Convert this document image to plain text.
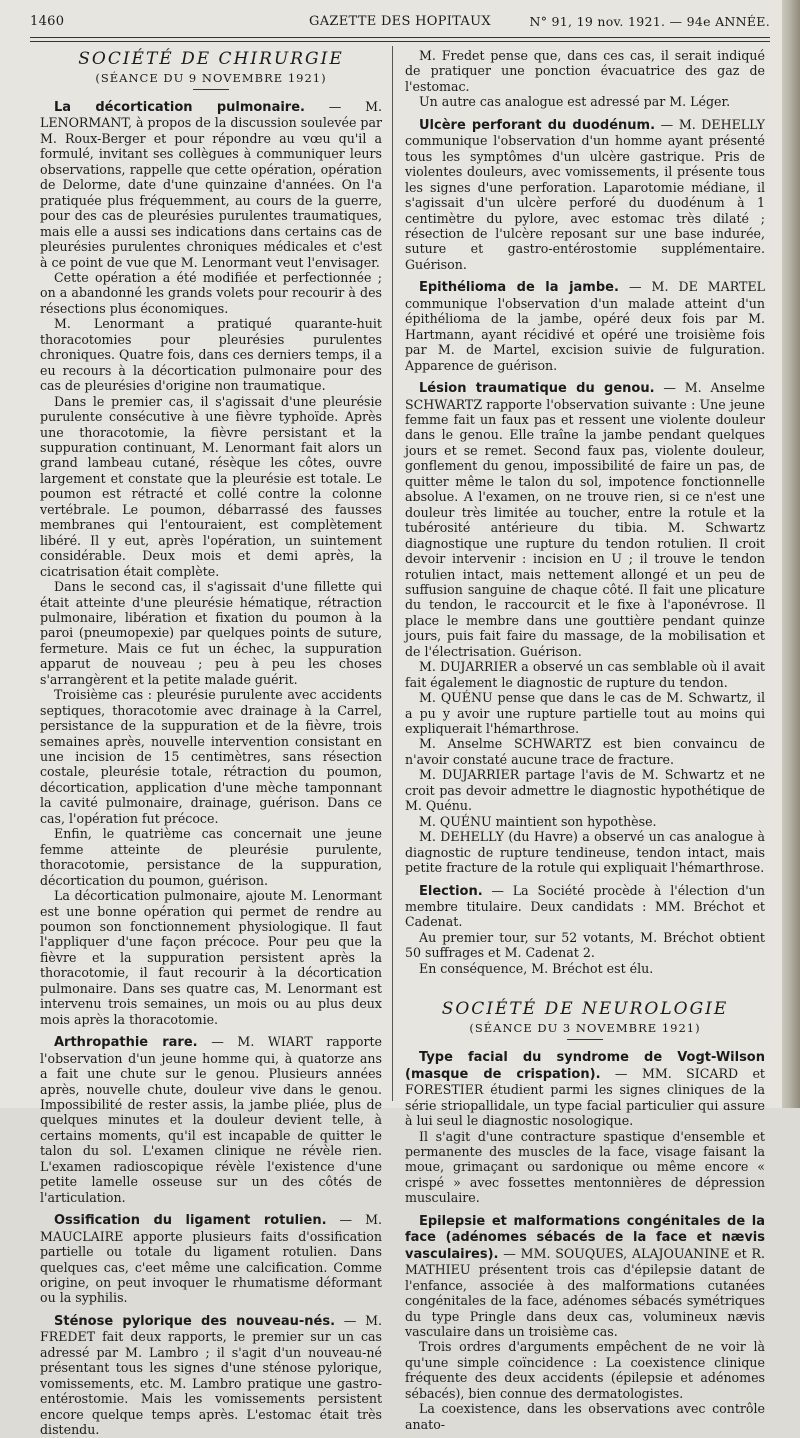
1460	GAZETTE DES HOPITAUX	N° 91, 19 nov. 1921. — 94e ANNÉE.
SOCIÉTÉ DE CHIRURGIE
(SÉANCE DU 9 NOVEMBRE 1921)

La décortication pulmonaire. — M. LENORMANT, à propos de la discussion soulevée par M. Roux-Berger et pour répondre au vœu qu'il a formulé, invitant ses collègues à communiquer leurs observations, rappelle que cette opération, opération de Delorme, date d'une quinzaine d'années. On l'a pratiquée plus fréquemment, au cours de la guerre, pour des cas de pleurésies purulentes traumatiques, mais elle a aussi ses indications dans certains cas de pleurésies purulentes chroniques médicales et c'est à ce point de vue que M. Lenormant veut l'envisager.

Cette opération a été modifiée et perfectionnée ; on a abandonné les grands volets pour recourir à des résections plus économiques.

M. Lenormant a pratiqué quarante-huit thoracotomies pour pleurésies purulentes chroniques. Quatre fois, dans ces derniers temps, il a eu recours à la décortication pulmonaire pour des cas de pleurésies d'origine non traumatique.

Dans le premier cas, il s'agissait d'une pleurésie purulente consécutive à une fièvre typhoïde. Après une thoracotomie, la fièvre persistant et la suppuration continuant, M. Lenormant fait alors un grand lambeau cutané, résèque les côtes, ouvre largement et constate que la pleurésie est totale. Le poumon est rétracté et collé contre la colonne vertébrale. Le poumon, débarrassé des fausses membranes qui l'entouraient, est complètement libéré. Il y eut, après l'opération, un suintement considérable. Deux mois et demi après, la cicatrisation était complète.

Dans le second cas, il s'agissait d'une fillette qui était atteinte d'une pleurésie hématique, rétraction pulmonaire, libération et fixation du poumon à la paroi (pneumopexie) par quelques points de suture, fermeture. Mais ce fut un échec, la suppuration apparut de nouveau ; peu à peu les choses s'arrangèrent et la petite malade guérit.

Troisième cas : pleurésie purulente avec accidents septiques, thoracotomie avec drainage à la Carrel, persistance de la suppuration et de la fièvre, trois semaines après, nouvelle intervention consistant en une incision de 15 centimètres, sans résection costale, pleurésie totale, rétraction du poumon, décortication, application d'une mèche tamponnant la cavité pulmonaire, drainage, guérison. Dans ce cas, l'opération fut précoce.

Enfin, le quatrième cas concernait une jeune femme atteinte de pleurésie purulente, thoracotomie, persistance de la suppuration, décortication du poumon, guérison.

La décortication pulmonaire, ajoute M. Lenormant est une bonne opération qui permet de rendre au poumon son fonctionnement physiologique. Il faut l'appliquer d'une façon précoce. Pour peu que la fièvre et la suppuration persistent après la thoracotomie, il faut recourir à la décortication pulmonaire. Dans ses quatre cas, M. Lenormant est intervenu trois semaines, un mois ou au plus deux mois après la thoracotomie.

Arthropathie rare. — M. WIART rapporte l'observation d'un jeune homme qui, à quatorze ans a fait une chute sur le genou. Plusieurs années après, nouvelle chute, douleur vive dans le genou. Impossibilité de rester assis, la jambe pliée, plus de quelques minutes et la douleur devient telle, à certains moments, qu'il est incapable de quitter le talon du sol. L'examen clinique ne révèle rien. L'examen radioscopique révèle l'existence d'une petite lamelle osseuse sur un des côtés de l'articulation.

Ossification du ligament rotulien. — M. MAUCLAIRE apporte plusieurs faits d'ossification partielle ou totale du ligament rotulien. Dans quelques cas, c'eet même une calcification. Comme origine, on peut invoquer le rhumatisme déformant ou la syphilis.

Sténose pylorique des nouveau-nés. — M. FREDET fait deux rapports, le premier sur un cas adressé par M. Lambro ; il s'agit d'un nouveau-né présentant tous les signes d'une sténose pylorique, vomissements, etc. M. Lambro pratique une gastro-entérostomie. Mais les vomissements persistent encore quelque temps après. L'estomac était très distendu.

M. Fredet pense que, dans ces cas, il serait indiqué de pratiquer une ponction évacuatrice des gaz de l'estomac.

Un autre cas analogue est adressé par M. Léger.

Ulcère perforant du duodénum. — M. DEHELLY communique l'observation d'un homme ayant présenté tous les symptômes d'un ulcère gastrique. Pris de violentes douleurs, avec vomissements, il présente tous les signes d'une perforation. Laparotomie médiane, il s'agissait d'un ulcère perforé du duodénum à 1 centimètre du pylore, avec estomac très dilaté ; résection de l'ulcère reposant sur une base indurée, suture et gastro-entérostomie supplémentaire. Guérison.

Epithélioma de la jambe. — M. DE MARTEL communique l'observation d'un malade atteint d'un épithélioma de la jambe, opéré deux fois par M. Hartmann, ayant récidivé et opéré une troisième fois par M. de Martel, excision suivie de fulguration. Apparence de guérison.

Lésion traumatique du genou. — M. Anselme SCHWARTZ rapporte l'observation suivante : Une jeune femme fait un faux pas et ressent une violente douleur dans le genou. Elle traîne la jambe pendant quelques jours et se remet. Second faux pas, violente douleur, gonflement du genou, impossibilité de faire un pas, de quitter même le talon du sol, impotence fonctionnelle absolue. A l'examen, on ne trouve rien, si ce n'est une douleur très limitée au toucher, entre la rotule et la tubérosité antérieure du tibia. M. Schwartz diagnostique une rupture du tendon rotulien. Il croit devoir intervenir : incision en U ; il trouve le tendon rotulien intact, mais nettement allongé et un peu de suffusion sanguine de chaque côté. Il fait une plicature du tendon, le raccourcit et le fixe à l'aponévrose. Il place le membre dans une gouttière pendant quinze jours, puis fait faire du massage, de la mobilisation et de l'électrisation. Guérison.

M. DUJARRIER a observé un cas semblable où il avait fait également le diagnostic de rupture du tendon.

M. QUÉNU pense que dans le cas de M. Schwartz, il a pu y avoir une rupture partielle tout au moins qui expliquerait l'hémarthrose.

M. Anselme SCHWARTZ est bien convaincu de n'avoir constaté aucune trace de fracture.

M. DUJARRIER partage l'avis de M. Schwartz et ne croit pas devoir admettre le diagnostic hypothétique de M. Quénu.

M. QUÉNU maintient son hypothèse.

M. DEHELLY (du Havre) a observé un cas analogue à diagnostic de rupture tendineuse, tendon intact, mais petite fracture de la rotule qui expliquait l'hémarthrose.

Election. — La Société procède à l'élection d'un membre titulaire. Deux candidats : MM. Bréchot et Cadenat.

Au premier tour, sur 52 votants, M. Bréchot obtient 50 suffrages et M. Cadenat 2.

En conséquence, M. Bréchot est élu.

SOCIÉTÉ DE NEUROLOGIE
(SÉANCE DU 3 NOVEMBRE 1921)

Type facial du syndrome de Vogt-Wilson (masque de crispation). — MM. SICARD et FORESTIER étudient parmi les signes cliniques de la série striopallidale, un type facial particulier qui assure à lui seul le diagnostic nosologique.

Il s'agit d'une contracture spastique d'ensemble et permanente des muscles de la face, visage faisant la moue, grimaçant ou sardonique ou même encore « crispé » avec fossettes mentonnières de dépression musculaire.

Epilepsie et malformations congénitales de la face (adénomes sébacés de la face et nævis vasculaires). — MM. SOUQUES, ALAJOUANINE et R. MATHIEU présentent trois cas d'épilepsie datant de l'enfance, associée à des malformations cutanées congénitales de la face, adénomes sébacés symétriques du type Pringle dans deux cas, volumineux nævis vasculaire dans un troisième cas.

Trois ordres d'arguments empêchent de ne voir là qu'une simple coïncidence : La coexistence clinique fréquente des deux accidents (épilepsie et adénomes sébacés), bien connue des dermatologistes.

La coexistence, dans les observations avec contrôle anato-
